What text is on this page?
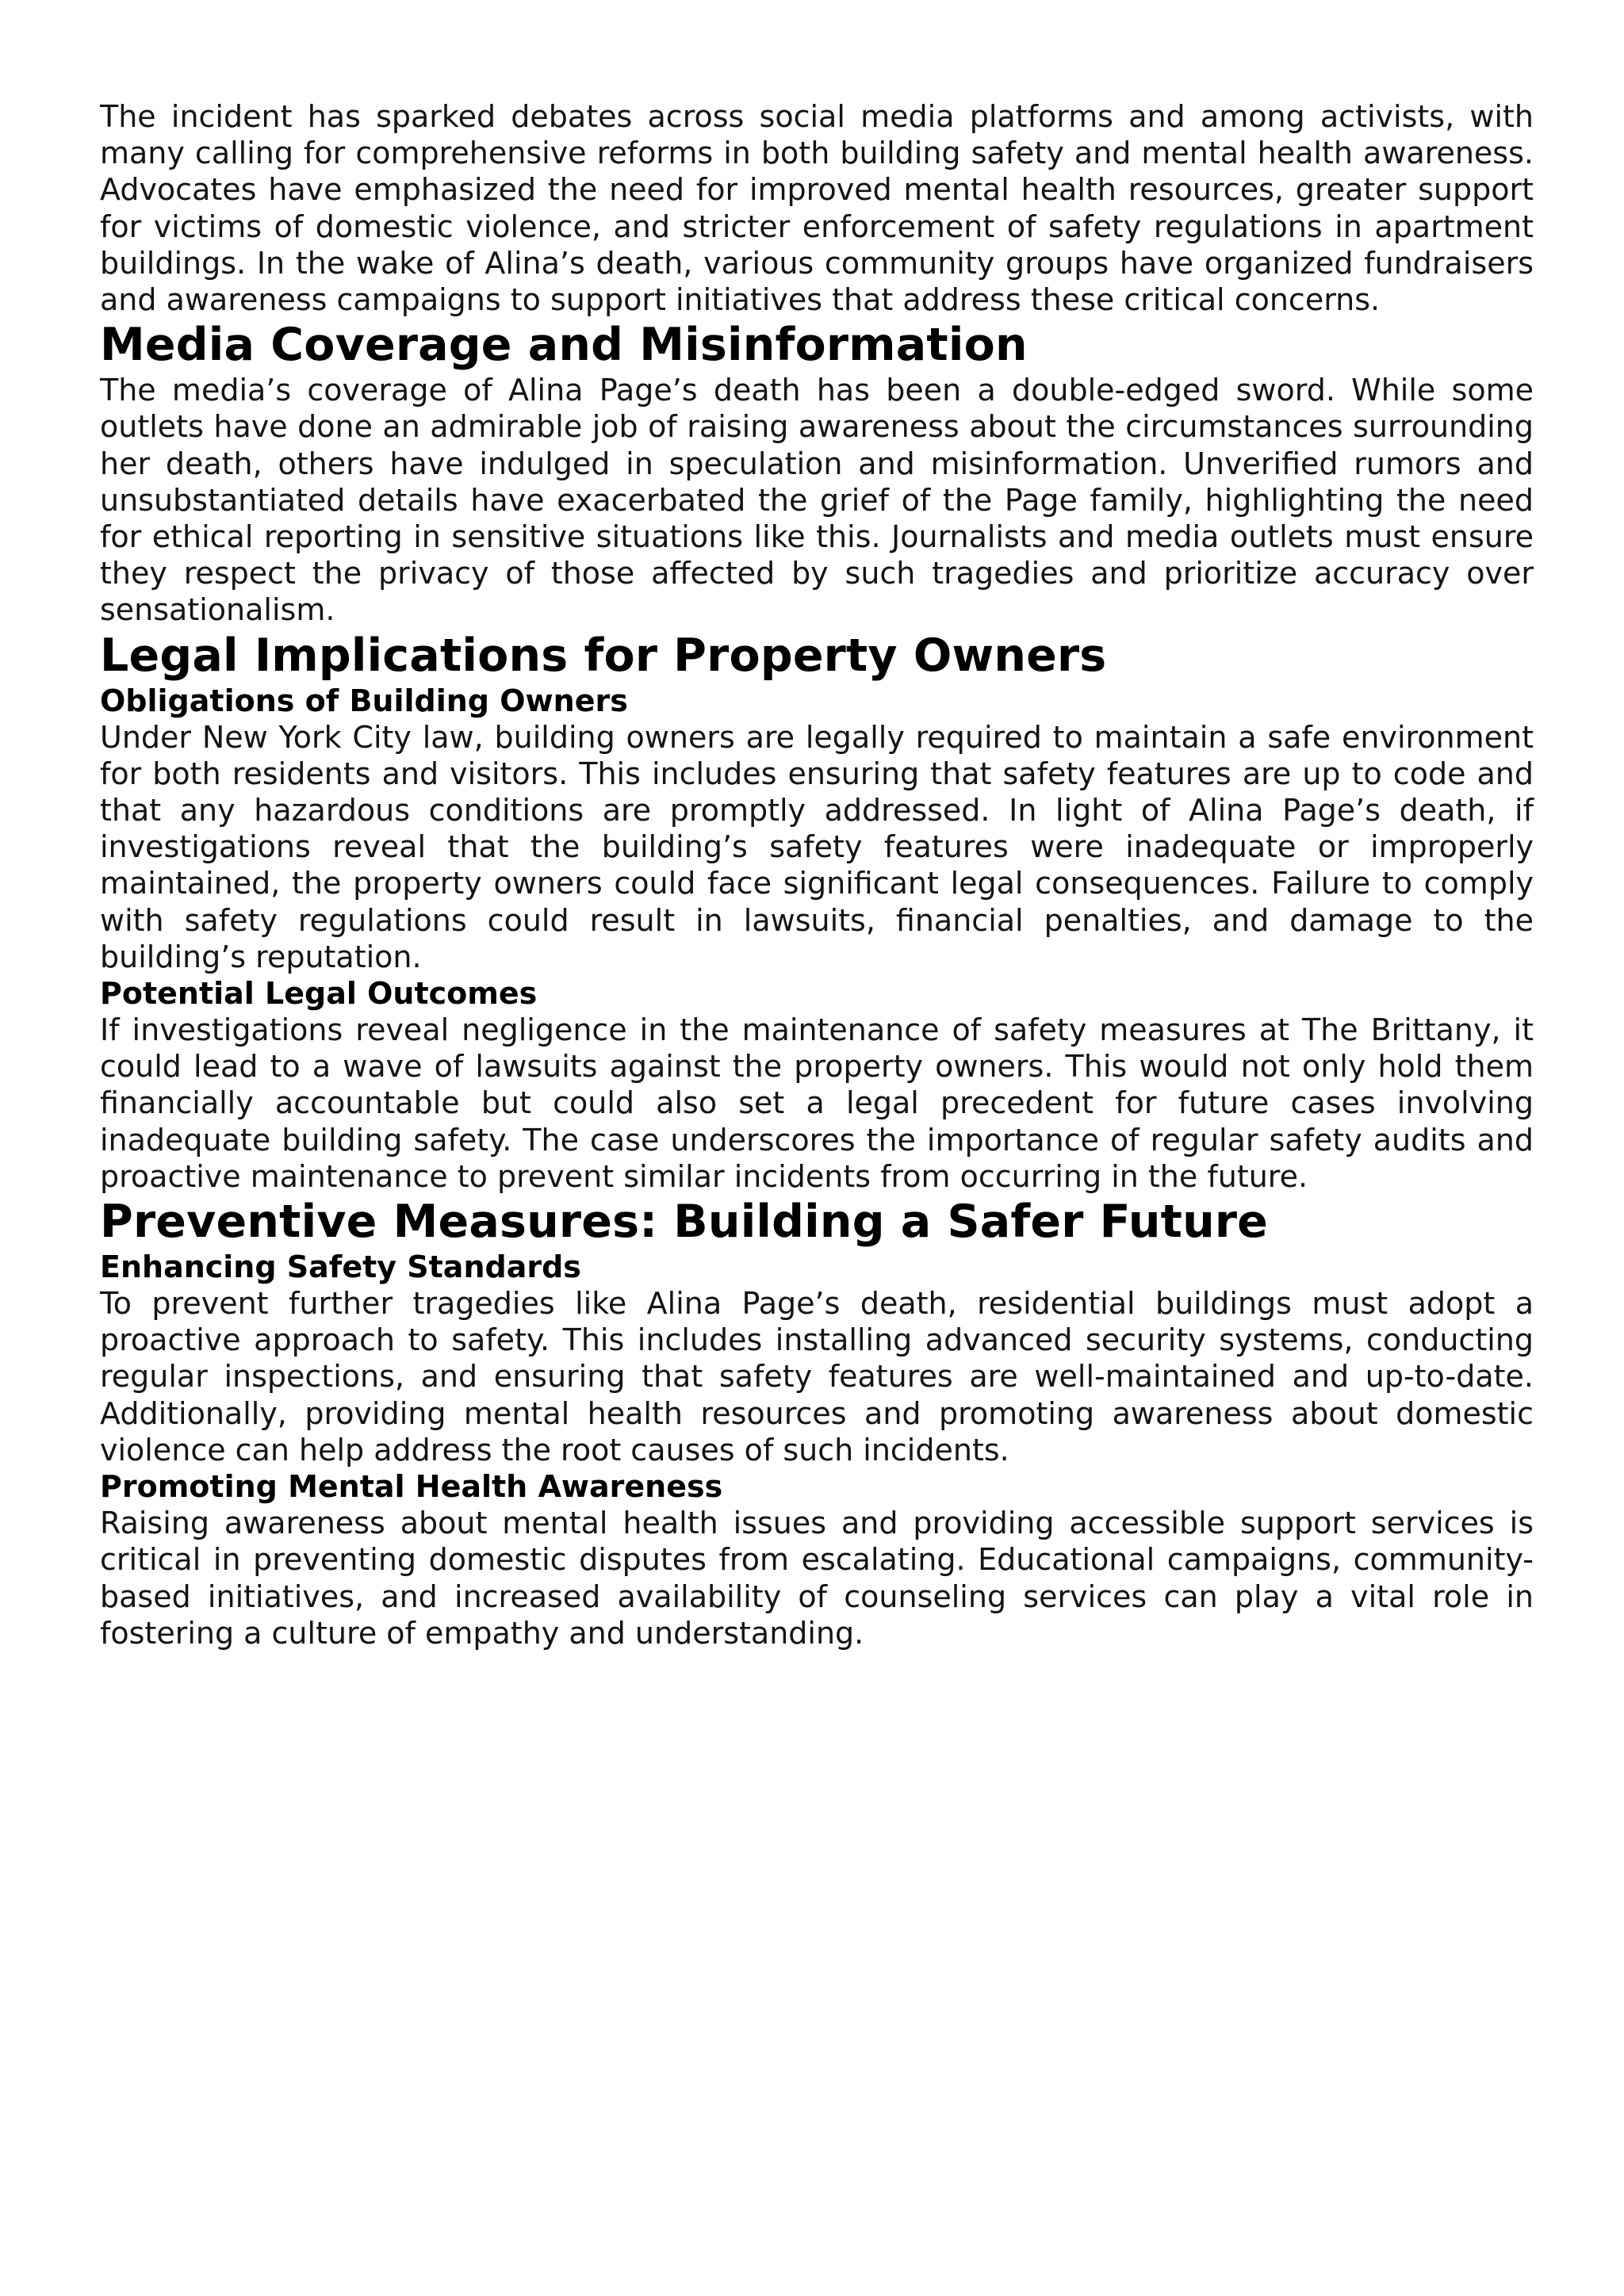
The incident has sparked debates across social media platforms and among activists, with many calling for comprehensive reforms in both building safety and mental health awareness. Advocates have emphasized the need for improved mental health resources, greater support for victims of domestic violence, and stricter enforcement of safety regulations in apartment buildings. In the wake of Alina’s death, various community groups have organized fundraisers and awareness campaigns to support initiatives that address these critical concerns.

Media Coverage and Misinformation

The media’s coverage of Alina Page’s death has been a double-edged sword. While some outlets have done an admirable job of raising awareness about the circumstances surrounding her death, others have indulged in speculation and misinformation. Unverified rumors and unsubstantiated details have exacerbated the grief of the Page family, highlighting the need for ethical reporting in sensitive situations like this. Journalists and media outlets must ensure they respect the privacy of those affected by such tragedies and prioritize accuracy over sensationalism.

Legal Implications for Property Owners
Obligations of Building Owners

Under New York City law, building owners are legally required to maintain a safe environment for both residents and visitors. This includes ensuring that safety features are up to code and that any hazardous conditions are promptly addressed. In light of Alina Page’s death, if investigations reveal that the building’s safety features were inadequate or improperly maintained, the property owners could face significant legal consequences. Failure to comply with safety regulations could result in lawsuits, financial penalties, and damage to the building’s reputation.

Potential Legal Outcomes

If investigations reveal negligence in the maintenance of safety measures at The Brittany, it could lead to a wave of lawsuits against the property owners. This would not only hold them financially accountable but could also set a legal precedent for future cases involving inadequate building safety. The case underscores the importance of regular safety audits and proactive maintenance to prevent similar incidents from occurring in the future.

Preventive Measures: Building a Safer Future
Enhancing Safety Standards

To prevent further tragedies like Alina Page’s death, residential buildings must adopt a proactive approach to safety. This includes installing advanced security systems, conducting regular inspections, and ensuring that safety features are well-maintained and up-to-date. Additionally, providing mental health resources and promoting awareness about domestic violence can help address the root causes of such incidents.

Promoting Mental Health Awareness

Raising awareness about mental health issues and providing accessible support services is critical in preventing domestic disputes from escalating. Educational campaigns, community-based initiatives, and increased availability of counseling services can play a vital role in fostering a culture of empathy and understanding.
